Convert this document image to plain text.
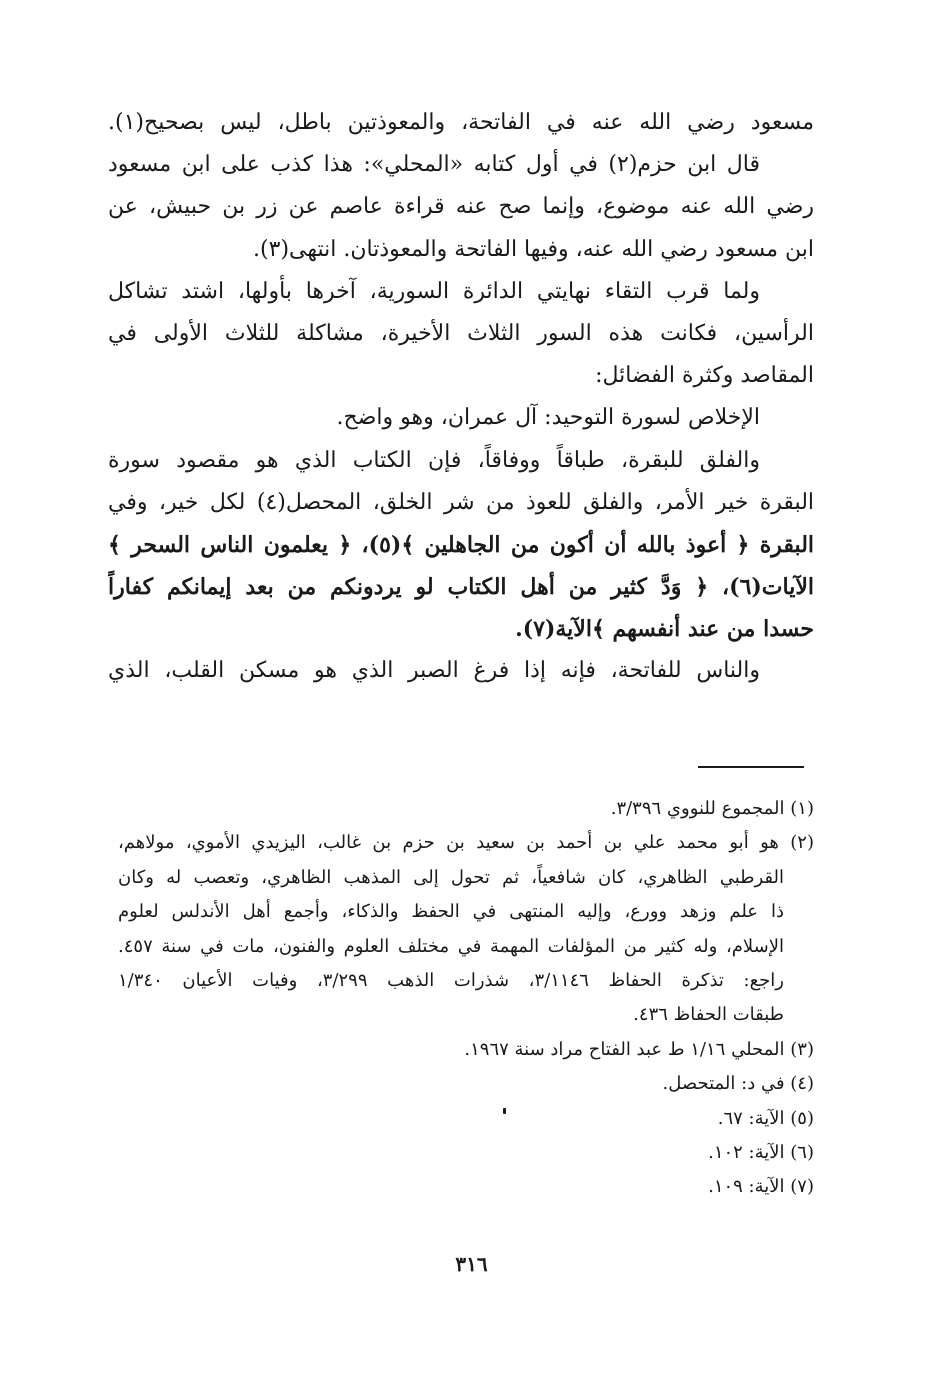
مسعود رضي الله عنه في الفاتحة، والمعوذتين باطل، ليس بصحيح(١).
قال ابن حزم(٢) في أول كتابه «المحلي»: هذا كذب على ابن مسعود
رضي الله عنه موضوع، وإنما صح عنه قراءة عاصم عن زر بن حبيش، عن
ابن مسعود رضي الله عنه، وفيها الفاتحة والمعوذتان. انتهى(٣).
ولما قرب التقاء نهايتي الدائرة السورية، آخرها بأولها، اشتد تشاكل
الرأسين، فكانت هذه السور الثلاث الأخيرة، مشاكلة للثلاث الأولى في
المقاصد وكثرة الفضائل:
الإخلاص لسورة التوحيد: آل عمران، وهو واضح.
والفلق للبقرة، طباقاً ووفاقاً، فإن الكتاب الذي هو مقصود سورة
البقرة خير الأمر، والفلق للعوذ من شر الخلق، المحصل(٤) لكل خير، وفي
البقرة ﴿ أعوذ بالله أن أكون من الجاهلين ﴾(٥)، ﴿ يعلمون الناس السحر ﴾
الآيات(٦)، ﴿ وَدَّ كثير من أهل الكتاب لو يردونكم من بعد إيمانكم كفاراً
حسدا من عند أنفسهم ﴾الآية(٧).
والناس للفاتحة، فإنه إذا فرغ الصبر الذي هو مسكن القلب، الذي
(١) المجموع للنووي ٣/٣٩٦.
(٢) هو أبو محمد علي بن أحمد بن سعيد بن حزم بن غالب، اليزيدي الأموي، مولاهم،
القرطبي الظاهري، كان شافعياً، ثم تحول إلى المذهب الظاهري، وتعصب له وكان
ذا علم وزهد وورع، وإليه المنتهى في الحفظ والذكاء، وأجمع أهل الأندلس لعلوم
الإسلام، وله كثير من المؤلفات المهمة في مختلف العلوم والفنون، مات في سنة ٤٥٧.
راجع: تذكرة الحفاظ ٣/١١٤٦، شذرات الذهب ٣/٢٩٩، وفيات الأعيان ١/٣٤٠
طبقات الحفاظ ٤٣٦.
(٣) المحلي ١/١٦ ط عبد الفتاح مراد سنة ١٩٦٧.
(٤) في د: المتحصل.
(٥) الآية: ٦٧.
(٦) الآية: ١٠٢.
(٧) الآية: ١٠٩.
٣١٦
